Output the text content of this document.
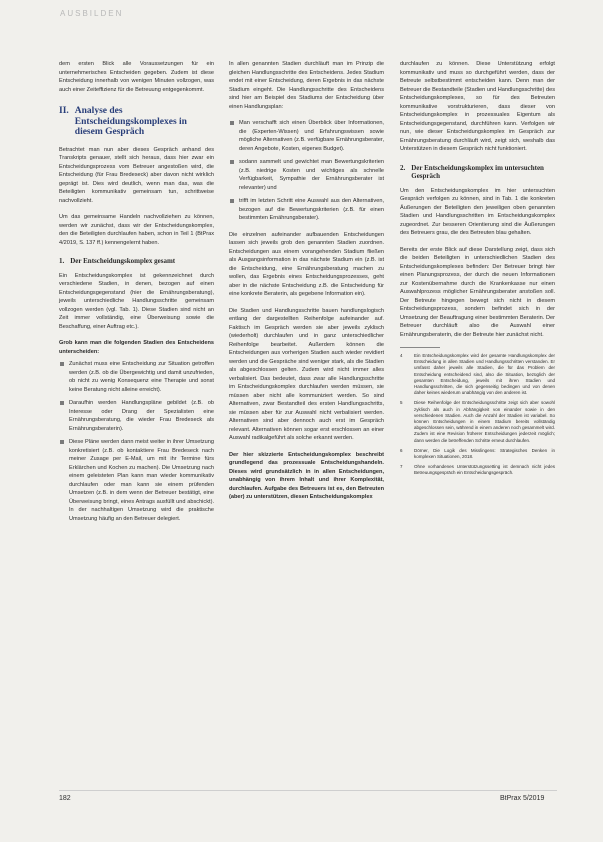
AUSBILDEN

dem ersten Blick alle Voraussetzungen für ein unternehmerisches Entscheiden gegeben. Zudem ist diese Entscheidung innerhalb von wenigen Minuten vollzogen, was auch einer Zeiteffizienz für die Betreuung entgegenkommt.

II. Analyse des Entscheidungskomplexes in diesem Gespräch

Betrachtet man nun aber dieses Gespräch anhand des Transkripts genauer, stellt sich heraus, dass hier zwar ein Entscheidungsprozess vom Betreuer angestoßen wird, die Entscheidung (für Frau Bredeseck) aber davon nicht wirklich geprägt ist. Dies wird deutlich, wenn man das, was die Beteiligten kommunikativ gemeinsam tun, schrittweise nachvollzieht.

Um das gemeinsame Handeln nachvollziehen zu können, werden wir zunächst, dass wir der Entscheidungskomplex, den die Beteiligten durchlaufen haben, schon in Teil 1 (BtPrax 4/2019, S. 137 ff.) kennengelernt haben.

1. Der Entscheidungskomplex gesamt

Ein Entscheidungskomplex ist gekennzeichnet durch verschiedene Stadien, in denen, bezogen auf einen Entscheidungsgegenstand (hier die Ernährungsberatung), jeweils unterschiedliche Handlungsschritte gemeinsam vollzogen werden (vgl. Tab. 1). Diese Stadien sind nicht an Zeit immer vollständig, eine Überweisung sowie die Beschaffung, einer Auftrag etc.).

Grob kann man die folgenden Stadien des Entscheidens unterscheiden:

Zunächst muss eine Entscheidung zur Situation getroffen werden (z.B. ob die Übergewichtig und damit unzufrieden, ob nicht zu wenig Konsequenz eine Therapie und sonst keine Beratung nicht alleine erreicht).
Daraufhin werden Handlungspläne gebildet (z.B. ob Interesse oder Drang der Spezialisten eine Ernährungsberatung, die wieder Frau Bredeseck als Ernährungsberaterin).
Diese Pläne werden dann meist weiter in ihrer Umsetzung konkretisiert (z.B. ob kontaktiere Frau Bredeseck nach meiner Zusage per E-Mail, um mit ihr Termine fürs Erklärchen und Kochen zu machen). Die Umsetzung nach einem geleisteten Plan kann man wieder kommunikativ durchlaufen oder man kann sie einem prüfenden Umsetzen (z.B. in dem wenn der Betreuer bestätigt, eine Überweisung bringt, eines Antrags ausfüllt und abschickt). In der nachhaltigen Umsetzung wird die praktische Umsetzung häufig an den Betreuer delegiert.

In allen genannten Stadien durchläuft man im Prinzip die gleichen Handlungsschritte des Entscheidens. Jedes Stadium endet mit einer Entscheidung, deren Ergebnis in das nächste Stadium eingeht. Die Handlungsschritte des Entscheidens sind hier am Beispiel des Stadiums der Entscheidung über einen Handlungsplan:

Man verschafft sich einen Überblick über Informationen, die (Experten-Wissen) und Erfahrungswissen sowie mögliche Alternativen (z.B. verfügbare Ernährungsberater, deren Angebote, Kosten, eigenes Budget).
sodann sammelt und gewichtet man Bewertungskriterien (z.B. niedrige Kosten und wichtiges als schnelle Verfügbarkeit, Sympathie der Ernährungsberater ist relevanter) und
trifft im letzten Schritt eine Auswahl aus den Alternativen, bezogen auf die Bewertungskriterien (z.B. für einen bestimmten Ernährungsberater).

Die einzelnen aufeinander aufbauenden Entscheidungen lassen sich jeweils grob den genannten Stadien zuordnen. Entscheidungen aus einem vorangehenden Stadium fließen als Ausgangsinformation in das nächste Stadium ein (z.B. ist die Entscheidung, eine Ernährungsberatung machen zu wollen, das Ergebnis eines Entscheidungsprozesses, geht aber in die nächste Entscheidung z.B. die Entscheidung für eine konkrete Beraterin, als gegebene Information ein).

Die Stadien und Handlungsschritte bauen handlungslogisch entlang der dargestellten Reihenfolge aufeinander auf. Faktisch im Gespräch werden sie aber jeweils zyklisch (wiederholt) durchlaufen und in ganz unterschiedlicher Reihenfolge bearbeitet. Außerdem können die Entscheidungen aus vorherigen Stadien auch wieder revidiert werden und die Gespräche sind weniger stark, als die Stadien als abgeschlossen gelten. Zudem wird nicht immer alles verbalisiert. Das bedeutet, dass zwar alle Handlungsschritte im Entscheidungskomplex durchlaufen werden müssen, sie müssen aber nicht alle kommuniziert werden. So sind Alternativen, zwar Bestandteil des ersten Handlungsschritts, sie müssen aber für zur Auswahl nicht verbalisiert werden. Alternativen sind aber dennoch auch erst im Gespräch relevant. Alternativen können sogar erst erschlossen an einer Auswahl radikalgeführt als solche erkannt werden.

Der hier skizzierte Entscheidungskomplex beschreibt grundlegend das prozessuale Entscheidungshandeln. Dieses wird grundsätzlich in in allen Entscheidungen, unabhängig von ihrem Inhalt und ihrer Komplexität, durchlaufen. Aufgabe des Betreuers ist es, den Betreuten (aber) zu unterstützen, diesen Entscheidungskomplex

durchlaufen zu können. Diese Unterstützung erfolgt kommunikativ und muss so durchgeführt werden, dass der Betreute selbstbestimmt entscheiden kann. Denn man der Betreuer die Bestandteile (Stadien und Handlungsschritte) des Entscheidungskomplexes, so für des Betreuten kommunikative vorstrukturieren, dass dieser von Entscheidungskomplex in prozessuales Eigentum als Entscheidungsgegenstand, durchführen kann. Verfolgen wir nun, wie dieser Entscheidungskomplex im Gespräch zur Ernährungsberatung durchläuft wird, zeigt sich, weshalb das Unterstützen in diesem Gespräch nicht funktioniert.

2. Der Entscheidungskomplex im untersuchten Gespräch

Um den Entscheidungskomplex im hier untersuchten Gespräch verfolgen zu können, sind in Tab. 1 die konkreten Äußerungen der Beteiligten den jeweiligen oben genannten Stadien und Handlungsschritten im Entscheidungskomplex zugeordnet. Zur besseren Orientierung sind die Äußerungen des Betreuers grau, die des Betreuten blau gehalten.

Bereits der erste Blick auf diese Darstellung zeigt, dass sich die beiden Beteiligten in unterschiedlichen Stadien des Entscheidungskomplexes befinden: Der Betreuer bringt hier einen Planungsprozess, der durch die neuen Informationen zur Kostenübernahme durch die Krankenkasse nur einen Auswahlprozess möglicher Ernährungsberater anstoßen soll. Der Betreute hingegen bewegt sich nicht in diesem Entscheidungsprozess, sondern befindet sich in der Umsetzung der Beauftragung einer bestimmten Beraterin. Der Betreuer durchläuft also die Auswahl einer Ernährungsberaterin, die der Betreute hier zunächst nicht.

4	Ein Entscheidungskomplex wird der gesamte Handlungskomplex der Entscheidung in allen Stadien und Handlungsschritten verstanden. Er umfasst daher jeweils alle Stadien, die für das Problem der Entscheidung entscheidend sind, also die Situation, bezüglich der gesamten Entscheidung, jeweils mit ihren Stadien und Handlungsschritten, die sich gegenseitig bedingen und von denen daher keines wiederum unabhängig von den anderen ist.
5	Diese Reihenfolge der Entscheidungsschritte zeigt sich aber sowohl zyklisch als auch in Abhängigkeit von einander sowie in den verschiedenen Stadien. Auch die Anzahl der Stadien ist variabel. So können Entscheidungen in einem Stadium bereits vollständig abgeschlossen sein, während in einem anderen noch gesammelt wird. Zudem ist eine Revision früherer Entscheidungen jederzeit möglich; dann werden die betreffenden Schritte erneut durchlaufen.
6	Dörner, Die Logik des Misslingens: Strategisches Denken in komplexen Situationen, 2018.
7	Ohne vorhandenes Unterstützungssetting ist demnach nicht jedes Betreuungsgespräch ein Entscheidungsgespräch.
182	BtPrax 5/2019
